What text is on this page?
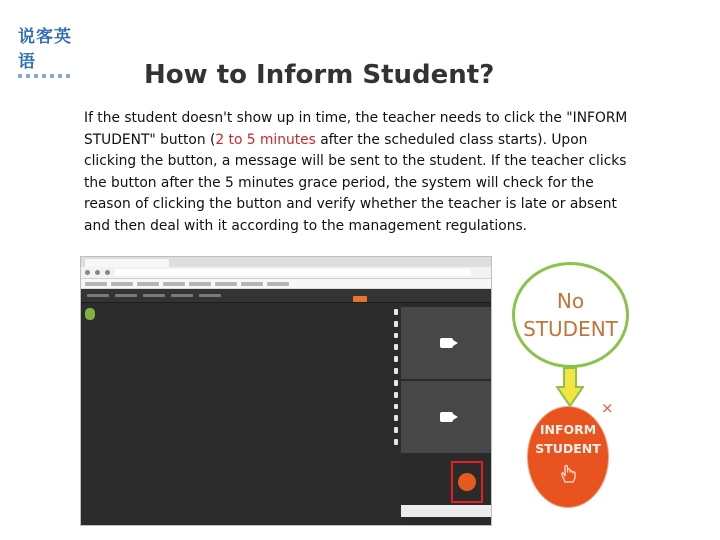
说客英语	How to Inform Student?
If the student doesn't show up in time, the teacher needs to click the "INFORM STUDENT" button (2 to 5 minutes after the scheduled class starts). Upon clicking the button, a message will be sent to the student. If the teacher clicks the button after the 5 minutes grace period, the system will check for the reason of clicking the button and verify whether the teacher is late or absent and then deal with it according to the management regulations.
No
STUDENT
×
INFORM
STUDENT
